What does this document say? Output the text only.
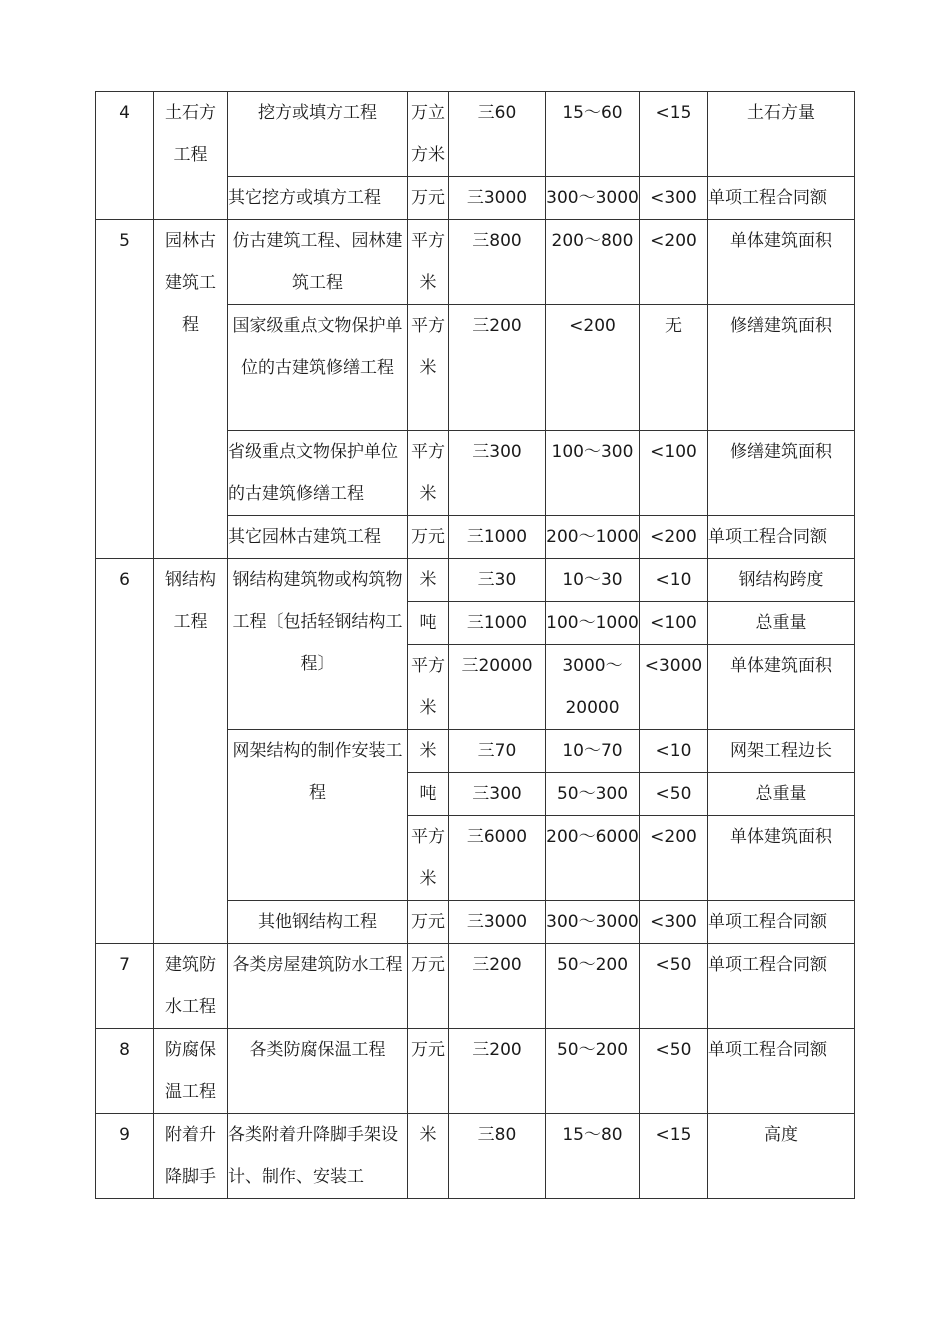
4	土石方工程	挖方或填方工程	万立方米	三60	15〜60	<15	土石方量
		其它挖方或填方工程	万元	三3000	300〜3000	<300	单项工程合同额
5	园林古建筑工程	仿古建筑工程、园林建筑工程	平方米	三800	200〜800	<200	单体建筑面积
		国家级重点文物保护单位的古建筑修缮工程	平方米	三200	<200	无	修缮建筑面积
		省级重点文物保护单位的古建筑修缮工程	平方米	三300	100〜300	<100	修缮建筑面积
		其它园林古建筑工程	万元	三1000	200〜1000	<200	单项工程合同额
6	钢结构工程	钢结构建筑物或构筑物工程〔包括轻钢结构工程〕	米	三30	10〜30	<10	钢结构跨度
			吨	三1000	100〜1000	<100	总重量
			平方米	三20000	3000〜20000	<3000	单体建筑面积
		网架结构的制作安装工程	米	三70	10〜70	<10	网架工程边长
			吨	三300	50〜300	<50	总重量
			平方米	三6000	200〜6000	<200	单体建筑面积
		其他钢结构工程	万元	三3000	300〜3000	<300	单项工程合同额
7	建筑防水工程	各类房屋建筑防水工程	万元	三200	50〜200	<50	单项工程合同额
8	防腐保温工程	各类防腐保温工程	万元	三200	50〜200	<50	单项工程合同额
9	附着升降脚手	各类附着升降脚手架设计、制作、安装工	米	三80	15〜80	<15	高度
